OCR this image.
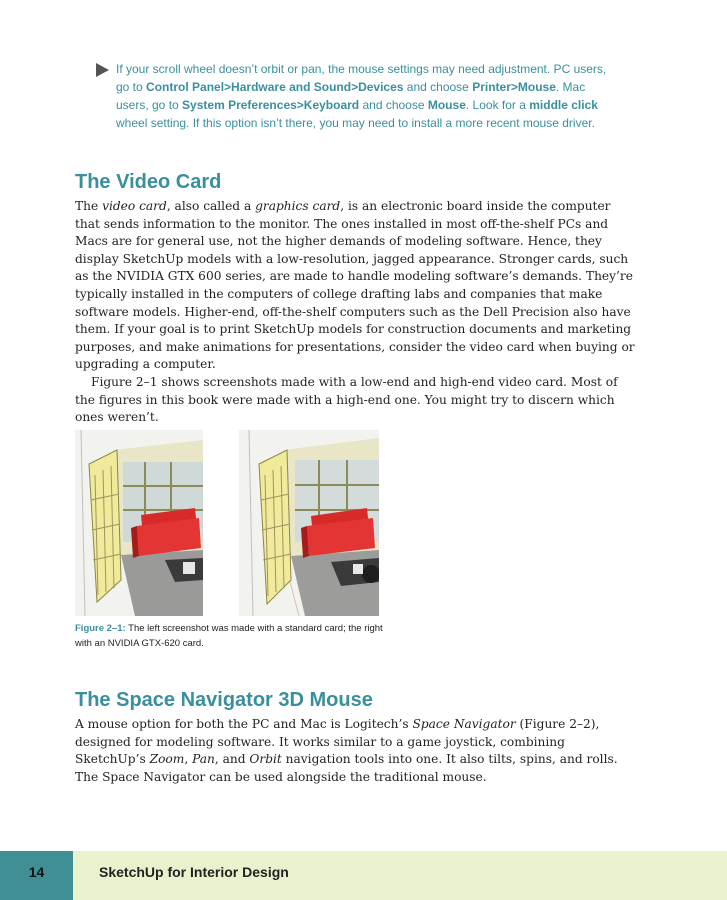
If your scroll wheel doesn’t orbit or pan, the mouse settings may need adjustment. PC users, go to Control Panel>Hardware and Sound>Devices and choose Printer>Mouse. Mac users, go to System Preferences>Keyboard and choose Mouse. Look for a middle click wheel setting. If this option isn’t there, you may need to install a more recent mouse driver.
The Video Card

The video card, also called a graphics card, is an electronic board inside the computer that sends information to the monitor. The ones installed in most off-the-shelf PCs and Macs are for general use, not the higher demands of modeling software. Hence, they display SketchUp models with a low-resolution, jagged appearance. Stronger cards, such as the NVIDIA GTX 600 series, are made to handle modeling software’s demands. They’re typically installed in the computers of college drafting labs and companies that make software models. Higher-end, off-the-shelf computers such as the Dell Precision also have them. If your goal is to print SketchUp models for construction documents and marketing purposes, and make animations for presentations, consider the video card when buying or upgrading a computer.

Figure 2–1 shows screenshots made with a low-end and high-end video card. Most of the figures in this book were made with a high-end one. You might try to discern which ones weren’t.

Figure 2–1: The left screenshot was made with a standard card; the right with an NVIDIA GTX-620 card.
The Space Navigator 3D Mouse

A mouse option for both the PC and Mac is Logitech’s Space Navigator (Figure 2–2), designed for modeling software. It works similar to a game joystick, combining SketchUp’s Zoom, Pan, and Orbit navigation tools into one. It also tilts, spins, and rolls. The Space Navigator can be used alongside the traditional mouse.

14	SketchUp for Interior Design
